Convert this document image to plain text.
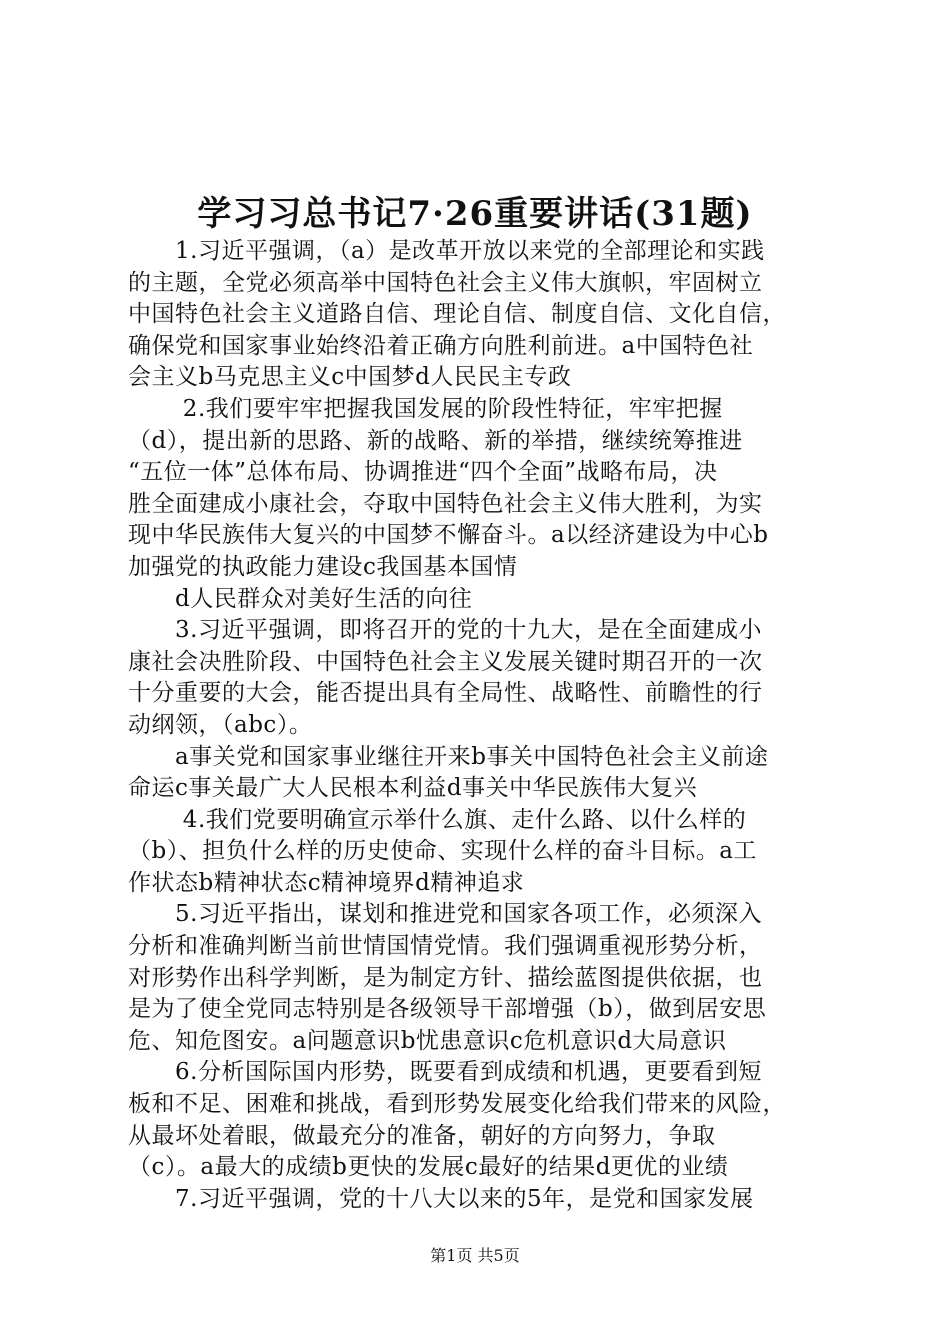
学习习总书记7·26重要讲话(31题)
　　1.习近平强调，（a）是改革开放以来党的全部理论和实践
的主题，全党必须高举中国特色社会主义伟大旗帜，牢固树立
中国特色社会主义道路自信、理论自信、制度自信、文化自信，
确保党和国家事业始终沿着正确方向胜利前进。a中国特色社
会主义b马克思主义c中国梦d人民民主专政
　　 2.我们要牢牢把握我国发展的阶段性特征，牢牢把握
（d），提出新的思路、新的战略、新的举措，继续统筹推进
“五位一体”总体布局、协调推进“四个全面”战略布局，决
胜全面建成小康社会，夺取中国特色社会主义伟大胜利，为实
现中华民族伟大复兴的中国梦不懈奋斗。a以经济建设为中心b
加强党的执政能力建设c我国基本国情
　　d人民群众对美好生活的向往
　　3.习近平强调，即将召开的党的十九大，是在全面建成小
康社会决胜阶段、中国特色社会主义发展关键时期召开的一次
十分重要的大会，能否提出具有全局性、战略性、前瞻性的行
动纲领，（abc）。
　　a事关党和国家事业继往开来b事关中国特色社会主义前途
命运c事关最广大人民根本利益d事关中华民族伟大复兴
　　 4.我们党要明确宣示举什么旗、走什么路、以什么样的
（b）、担负什么样的历史使命、实现什么样的奋斗目标。a工
作状态b精神状态c精神境界d精神追求
　　5.习近平指出，谋划和推进党和国家各项工作，必须深入
分析和准确判断当前世情国情党情。我们强调重视形势分析，
对形势作出科学判断，是为制定方针、描绘蓝图提供依据，也
是为了使全党同志特别是各级领导干部增强（b），做到居安思
危、知危图安。a问题意识b忧患意识c危机意识d大局意识
　　6.分析国际国内形势，既要看到成绩和机遇，更要看到短
板和不足、困难和挑战，看到形势发展变化给我们带来的风险，
从最坏处着眼，做最充分的准备，朝好的方向努力，争取
（c）。a最大的成绩b更快的发展c最好的结果d更优的业绩
　　7.习近平强调，党的十八大以来的5年，是党和国家发展
第1页 共5页
